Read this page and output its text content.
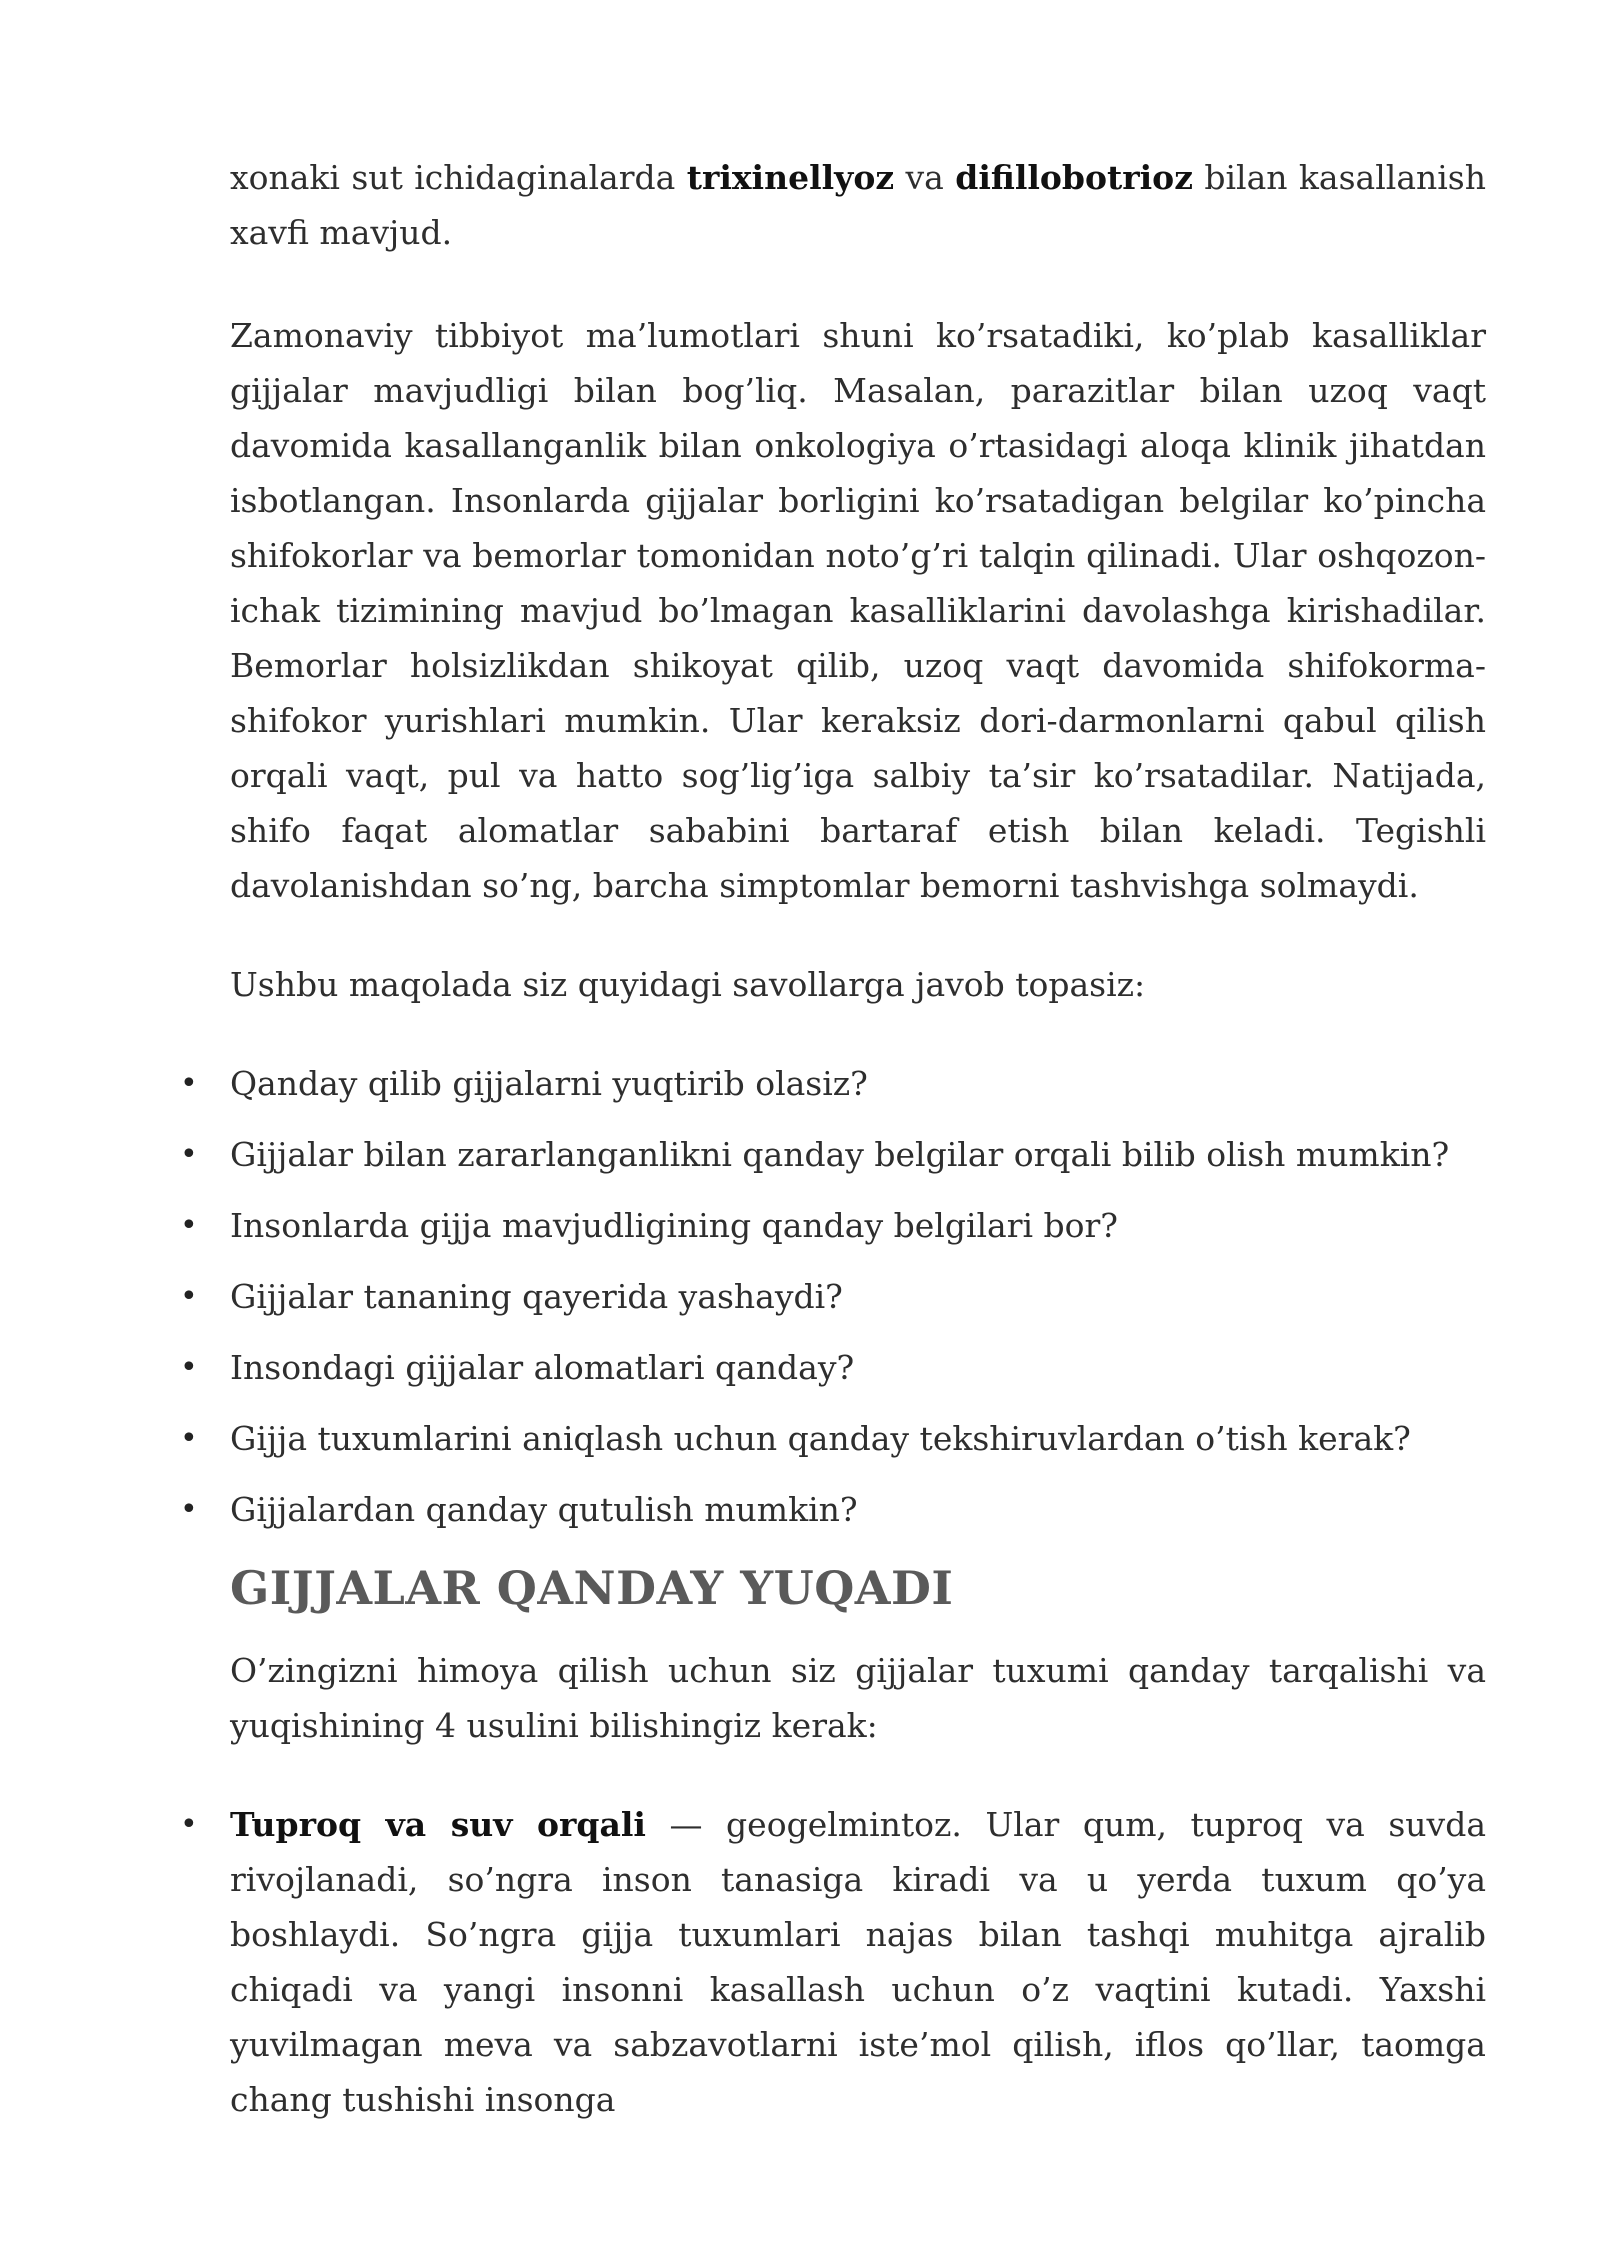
xonaki sut ichidaginalarda trixinellyoz va difillobotrioz bilan kasallanish xavfi mavjud.

Zamonaviy tibbiyot ma’lumotlari shuni ko’rsatadiki, ko’plab kasalliklar gijjalar mavjudligi bilan bog’liq. Masalan, parazitlar bilan uzoq vaqt davomida kasallanganlik bilan onkologiya o’rtasidagi aloqa klinik jihatdan isbotlangan. Insonlarda gijjalar borligini ko’rsatadigan belgilar ko’pincha shifokorlar va bemorlar tomonidan noto’g’ri talqin qilinadi. Ular oshqozon-ichak tizimining mavjud bo’lmagan kasalliklarini davolashga kirishadilar. Bemorlar holsizlikdan shikoyat qilib, uzoq vaqt davomida shifokorma-shifokor yurishlari mumkin. Ular keraksiz dori-darmonlarni qabul qilish orqali vaqt, pul va hatto sog’lig’iga salbiy ta’sir ko’rsatadilar. Natijada, shifo faqat alomatlar sababini bartaraf etish bilan keladi. Tegishli davolanishdan so’ng, barcha simptomlar bemorni tashvishga solmaydi.

Ushbu maqolada siz quyidagi savollarga javob topasiz:

• Qanday qilib gijjalarni yuqtirib olasiz?
• Gijjalar bilan zararlanganlikni qanday belgilar orqali bilib olish mumkin?
• Insonlarda gijja mavjudligining qanday belgilari bor?
• Gijjalar tananing qayerida yashaydi?
• Insondagi gijjalar alomatlari qanday?
• Gijja tuxumlarini aniqlash uchun qanday tekshiruvlardan o’tish kerak?
• Gijjalardan qanday qutulish mumkin?
GIJJALAR QANDAY YUQADI

O’zingizni himoya qilish uchun siz gijjalar tuxumi qanday tarqalishi va yuqishining 4 usulini bilishingiz kerak:

• Tuproq va suv orqali — geogelmintoz. Ular qum, tuproq va suvda rivojlanadi, so’ngra inson tanasiga kiradi va u yerda tuxum qo’ya boshlaydi. So’ngra gijja tuxumlari najas bilan tashqi muhitga ajralib chiqadi va yangi insonni kasallash uchun o’z vaqtini kutadi. Yaxshi yuvilmagan meva va sabzavotlarni iste’mol qilish, iflos qo’llar, taomga chang tushishi insonga
